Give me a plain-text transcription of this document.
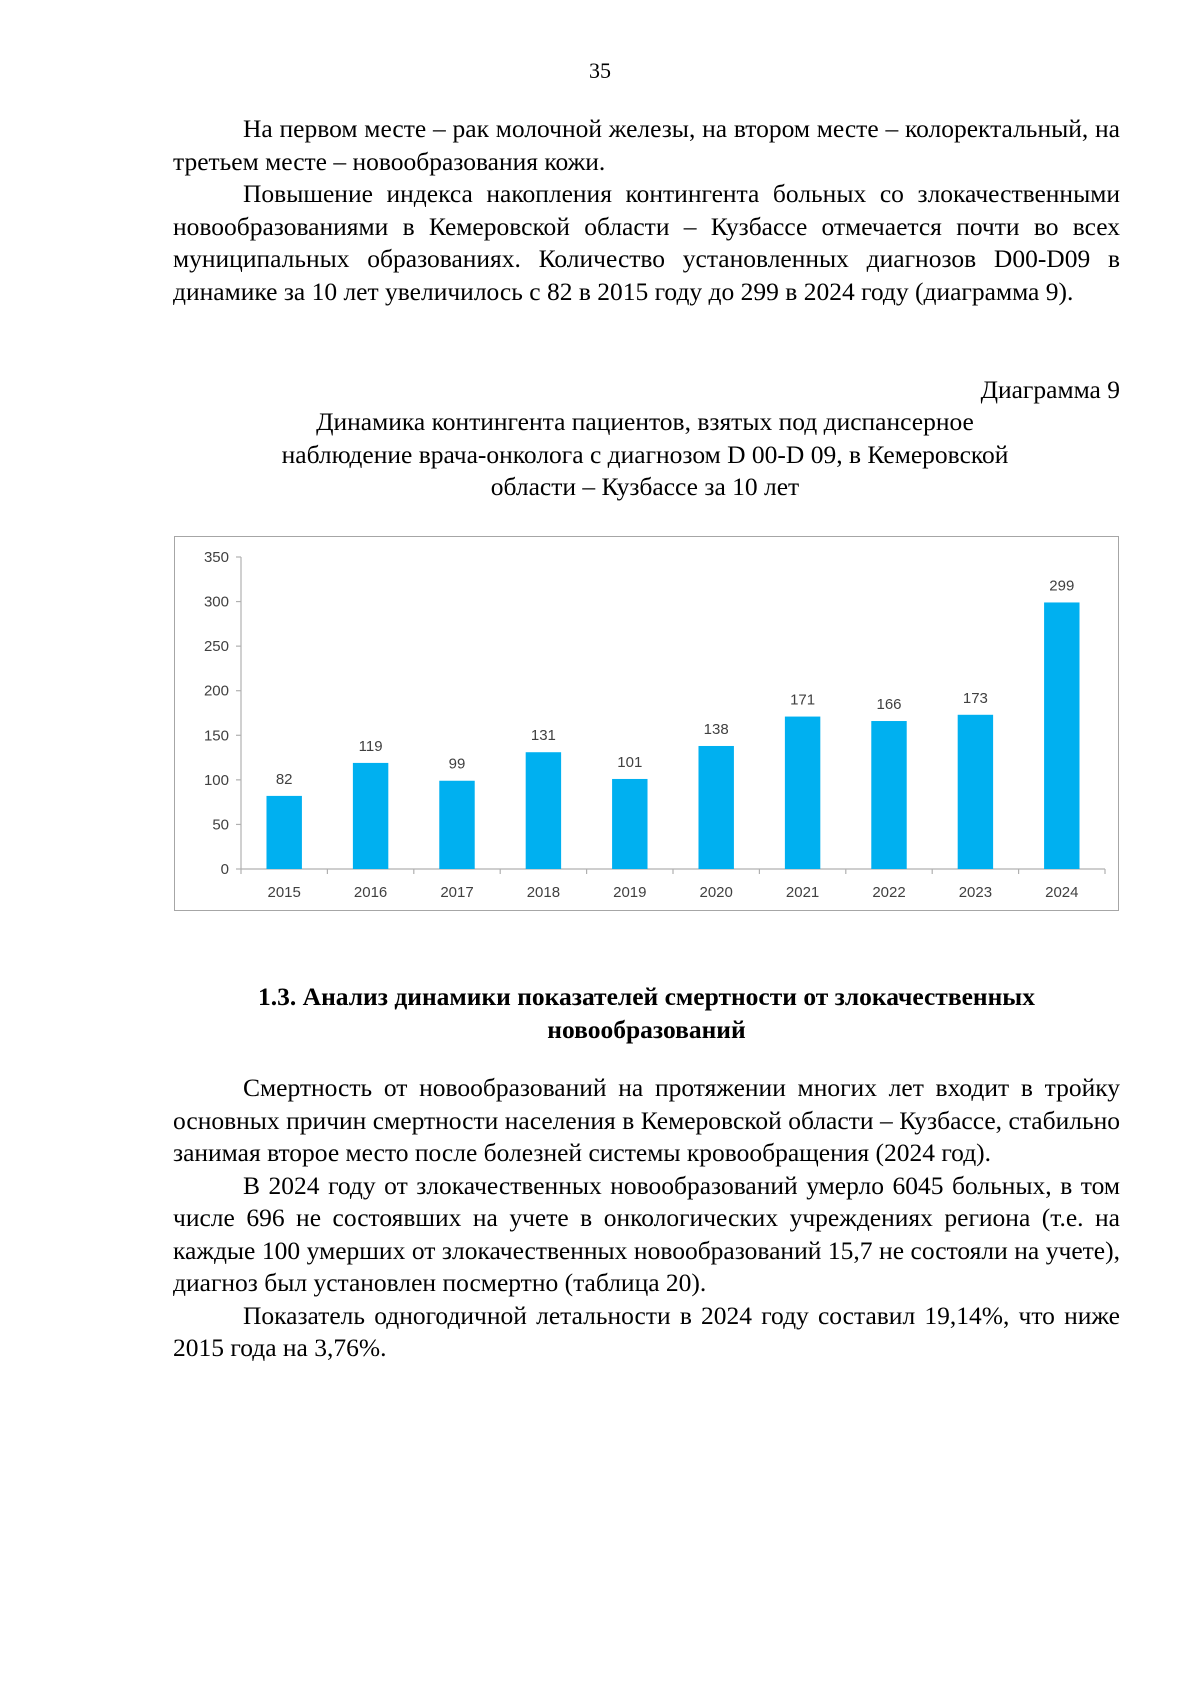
35

На первом месте – рак молочной железы, на втором месте – колоректальный, на третьем месте – новообразования кожи.

Повышение индекса накопления контингента больных со злокачественными новообразованиями в Кемеровской области – Кузбассе отмечается почти во всех муниципальных образованиях. Количество установленных диагнозов D00-D09 в динамике за 10 лет увеличилось с 82 в 2015 году до 299 в 2024 году (диаграмма 9).

Диаграмма 9
Динамика контингента пациентов, взятых под диспансерное наблюдение врача-онколога с диагнозом D 00-D 09, в Кемеровской области – Кузбассе за 10 лет
0
50
100
150
200
250
300
350
82
2015
119
2016
99
2017
131
2018
101
2019
138
2020
171
2021
166
2022
173
2023
299
2024
1.3. Анализ динамики показателей смертности от злокачественных новообразований

Смертность от новообразований на протяжении многих лет входит в тройку основных причин смертности населения в Кемеровской области – Кузбассе, стабильно занимая второе место после болезней системы кровообращения (2024 год).

В 2024 году от злокачественных новообразований умерло 6045 больных, в том числе 696 не состоявших на учете в онкологических учреждениях региона (т.е. на каждые 100 умерших от злокачественных новообразований 15,7 не состояли на учете), диагноз был установлен посмертно (таблица 20).

Показатель одногодичной летальности в 2024 году составил 19,14%, что ниже 2015 года на 3,76%.
